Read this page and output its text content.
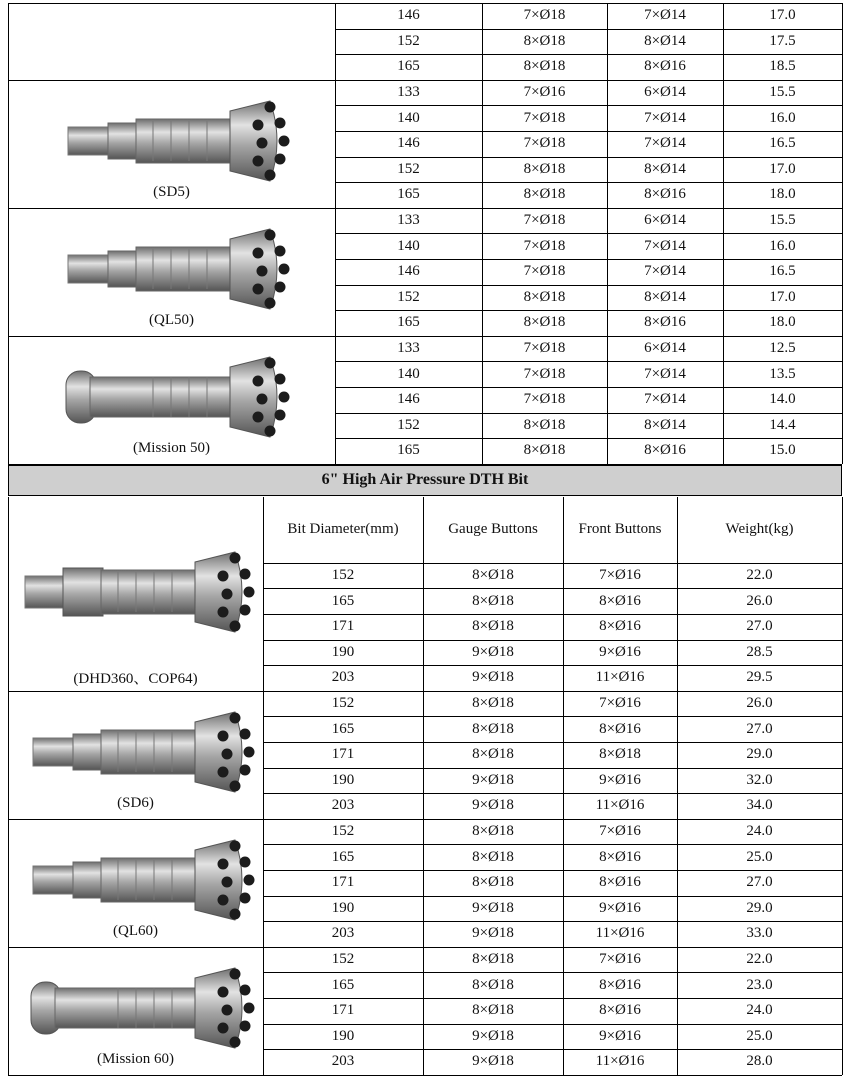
146	7×Ø18	7×Ø14	17.0
152	8×Ø18	8×Ø14	17.5
165	8×Ø18	8×Ø16	18.5
133	7×Ø16	6×Ø14	15.5
140	7×Ø18	7×Ø14	16.0
146	7×Ø18	7×Ø14	16.5
152	8×Ø18	8×Ø14	17.0
165	8×Ø18	8×Ø16	18.0
(SD5)
133	7×Ø18	6×Ø14	15.5
140	7×Ø18	7×Ø14	16.0
146	7×Ø18	7×Ø14	16.5
152	8×Ø18	8×Ø14	17.0
165	8×Ø18	8×Ø16	18.0
(QL50)
133	7×Ø18	6×Ø14	12.5
140	7×Ø18	7×Ø14	13.5
146	7×Ø18	7×Ø14	14.0
152	8×Ø18	8×Ø14	14.4
165	8×Ø18	8×Ø16	15.0
(Mission 50)
6" High Air Pressure DTH Bit
Bit Diameter(mm)	Gauge Buttons	Front Buttons	Weight(kg)
152	8×Ø18	7×Ø16	22.0
165	8×Ø18	8×Ø16	26.0
171	8×Ø18	8×Ø16	27.0
190	9×Ø18	9×Ø16	28.5
203	9×Ø18	11×Ø16	29.5
(DHD360、COP64)
152	8×Ø18	7×Ø16	26.0
165	8×Ø18	8×Ø16	27.0
171	8×Ø18	8×Ø18	29.0
190	9×Ø18	9×Ø16	32.0
203	9×Ø18	11×Ø16	34.0
(SD6)
152	8×Ø18	7×Ø16	24.0
165	8×Ø18	8×Ø16	25.0
171	8×Ø18	8×Ø16	27.0
190	9×Ø18	9×Ø16	29.0
203	9×Ø18	11×Ø16	33.0
(QL60)
152	8×Ø18	7×Ø16	22.0
165	8×Ø18	8×Ø16	23.0
171	8×Ø18	8×Ø16	24.0
190	9×Ø18	9×Ø16	25.0
203	9×Ø18	11×Ø16	28.0
(Mission 60)
